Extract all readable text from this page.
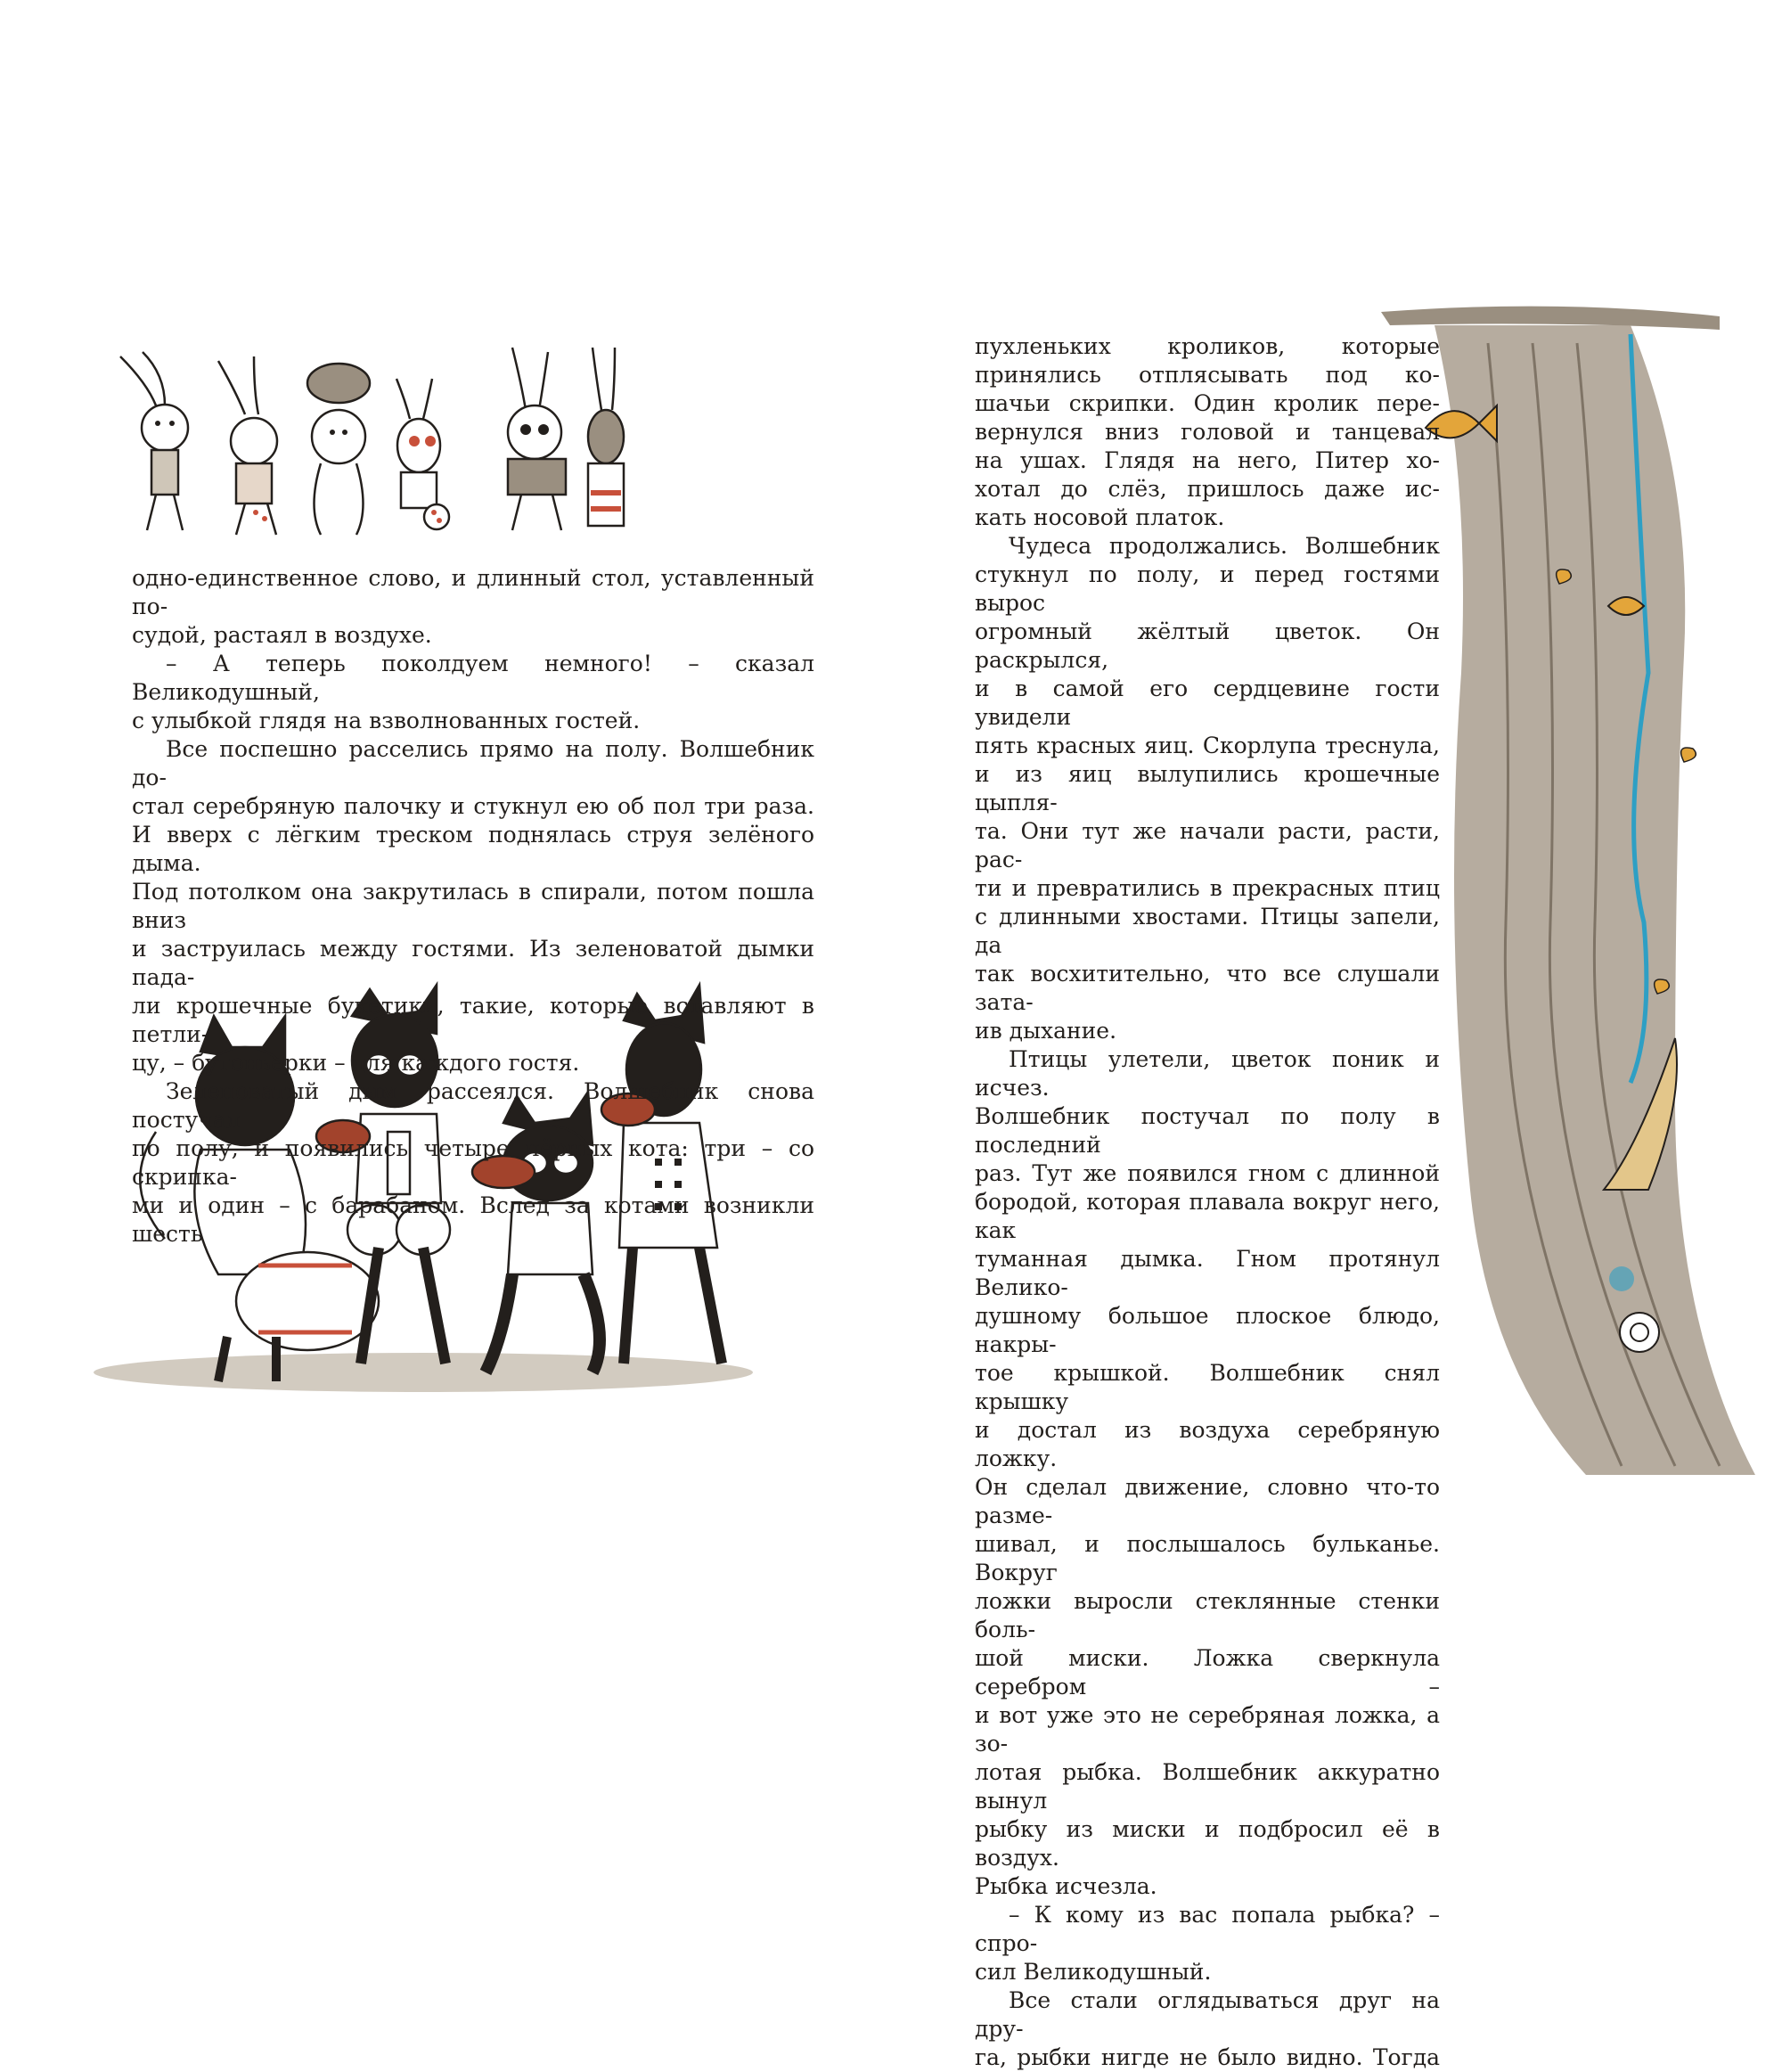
одно-единственное слово, и длинный стол, уставленный по-

судой, растаял в воздухе.

– А теперь поколдуем немного! – сказал Великодушный,

с улыбкой глядя на взволнованных гостей.

Все поспешно расселись прямо на полу. Волшебник до-

стал серебряную палочку и стукнул ею об пол три раза.

И вверх с лёгким треском поднялась струя зелёного дыма.

Под потолком она закрутилась в спирали, потом пошла вниз

и заструилась между гостями. Из зеленоватой дымки пада-

ли крошечные букетики, такие, которые вставляют в петли-

цу, – бутоньерки – для каждого гостя.

Зеленоватый дым рассеялся. Волшебник снова постучал

по полу, и появились четыре чёрных кота: три – со скрипка-

ми и один – с барабаном. Вслед за котами возникли шесть

пухленьких кроликов, которые

принялись отплясывать под ко-

шачьи скрипки. Один кролик пере-

вернулся вниз головой и танцевал

на ушах. Глядя на него, Питер хо-

хотал до слёз, пришлось даже ис-

кать носовой платок.

Чудеса продолжались. Волшебник

стукнул по полу, и перед гостями вырос

огромный жёлтый цветок. Он раскрылся,

и в самой его сердцевине гости увидели

пять красных яиц. Скорлупа треснула,

и из яиц вылупились крошечные цыпля-

та. Они тут же начали расти, расти, рас-

ти и превратились в прекрасных птиц

с длинными хвостами. Птицы запели, да

так восхитительно, что все слушали зата-

ив дыхание.

Птицы улетели, цветок поник и исчез.

Волшебник постучал по полу в последний

раз. Тут же появился гном с длинной

бородой, которая плавала вокруг него, как

туманная дымка. Гном протянул Велико-

душному большое плоское блюдо, накры-

тое крышкой. Волшебник снял крышку

и достал из воздуха серебряную ложку.

Он сделал движение, словно что-то разме-

шивал, и послышалось бульканье. Вокруг

ложки выросли стеклянные стенки боль-

шой миски. Ложка сверкнула серебром –

и вот уже это не серебряная ложка, а зо-

лотая рыбка. Волшебник аккуратно вынул

рыбку из миски и подбросил её в воздух.

Рыбка исчезла.

– К кому из вас попала рыбка? – спро-

сил Великодушный.

Все стали оглядываться друг на дру-

га, рыбки нигде не было видно. Тогда
